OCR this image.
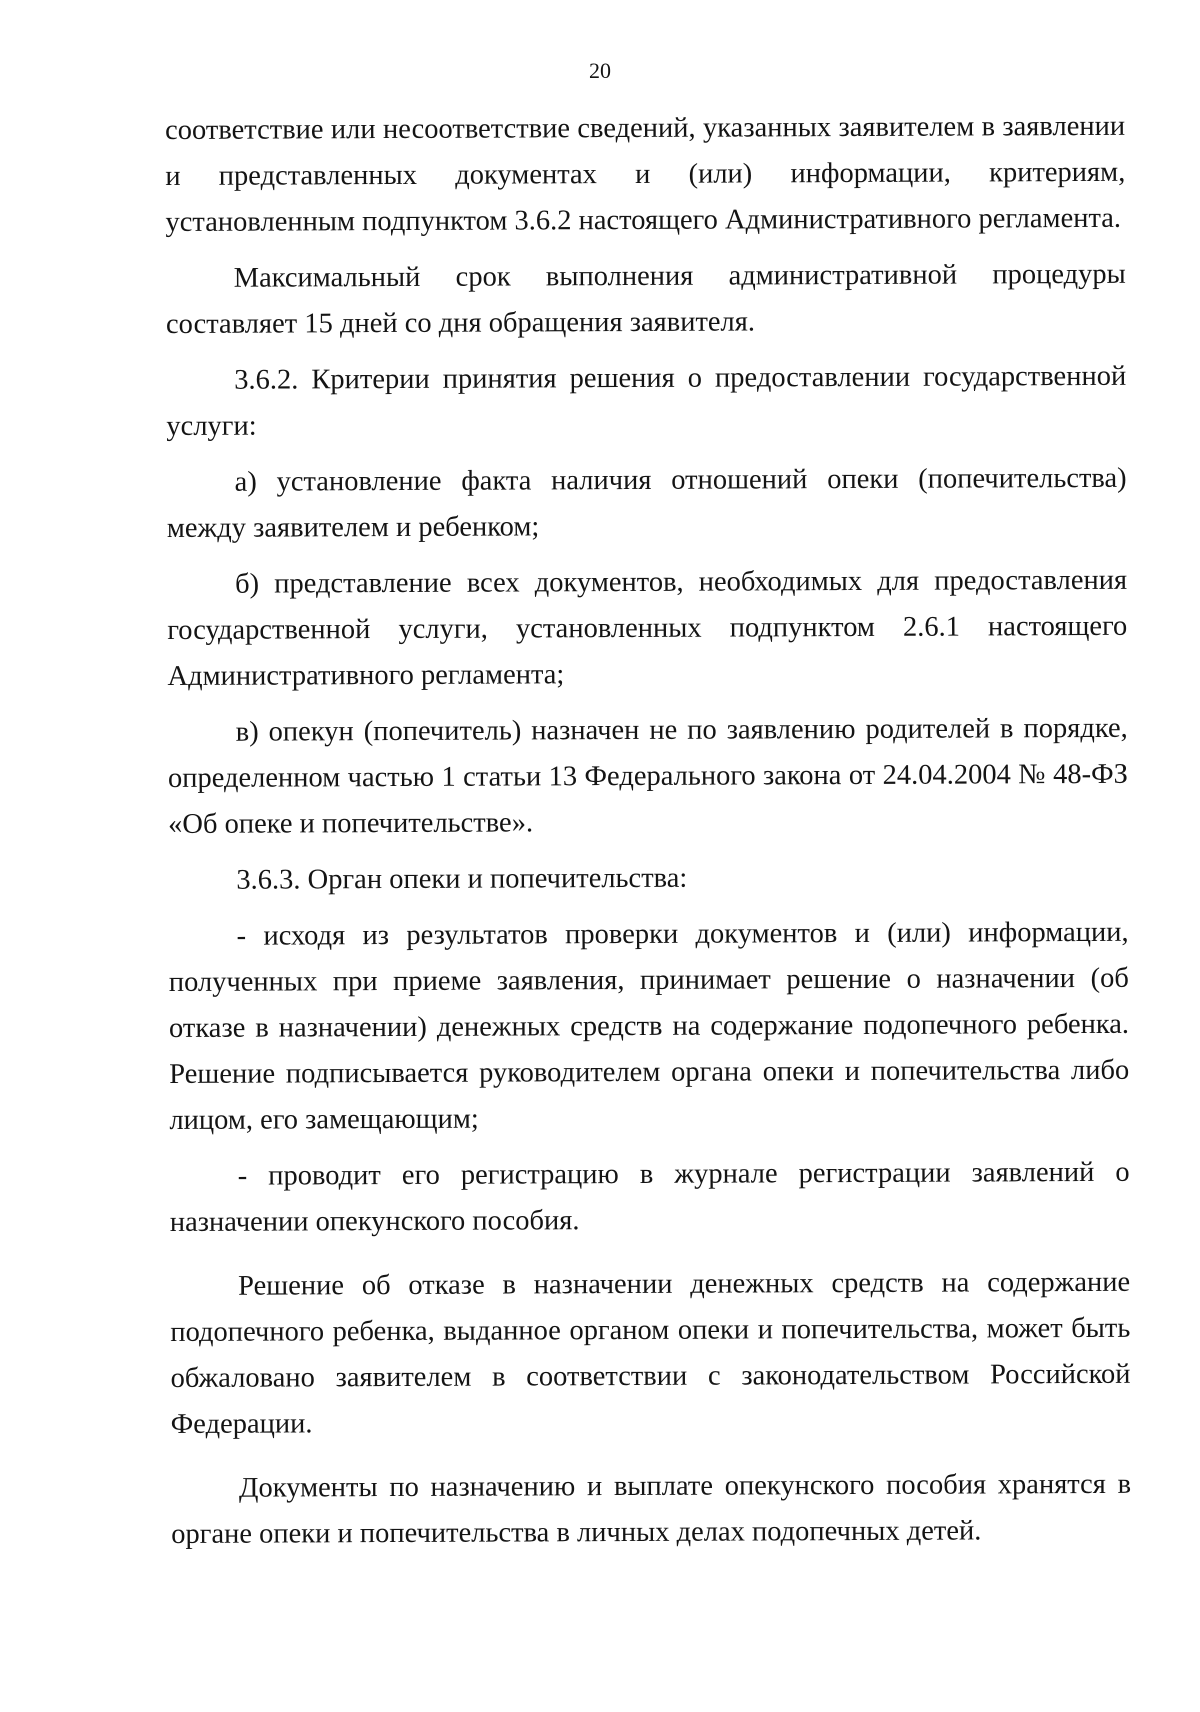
20

соответствие или несоответствие сведений, указанных заявителем в заявлении и представленных документах и (или) информации, критериям, установленным подпунктом 3.6.2 настоящего Административного регламента.

Максимальный срок выполнения административной процедуры составляет 15 дней со дня обращения заявителя.

3.6.2. Критерии принятия решения о предоставлении государственной услуги:

а) установление факта наличия отношений опеки (попечительства) между заявителем и ребенком;

б) представление всех документов, необходимых для предоставления государственной услуги, установленных подпунктом 2.6.1 настоящего Административного регламента;

в) опекун (попечитель) назначен не по заявлению родителей в порядке, определенном частью 1 статьи 13 Федерального закона от 24.04.2004 № 48-ФЗ «Об опеке и попечительстве».

3.6.3. Орган опеки и попечительства:

- исходя из результатов проверки документов и (или) информации, полученных при приеме заявления, принимает решение о назначении (об отказе в назначении) денежных средств на содержание подопечного ребенка. Решение подписывается руководителем органа опеки и попечительства либо лицом, его замещающим;

- проводит его регистрацию в журнале регистрации заявлений о назначении опекунского пособия.

Решение об отказе в назначении денежных средств на содержание подопечного ребенка, выданное органом опеки и попечительства, может быть обжаловано заявителем в соответствии с законодательством Российской Федерации.

Документы по назначению и выплате опекунского пособия хранятся в органе опеки и попечительства в личных делах подопечных детей.
